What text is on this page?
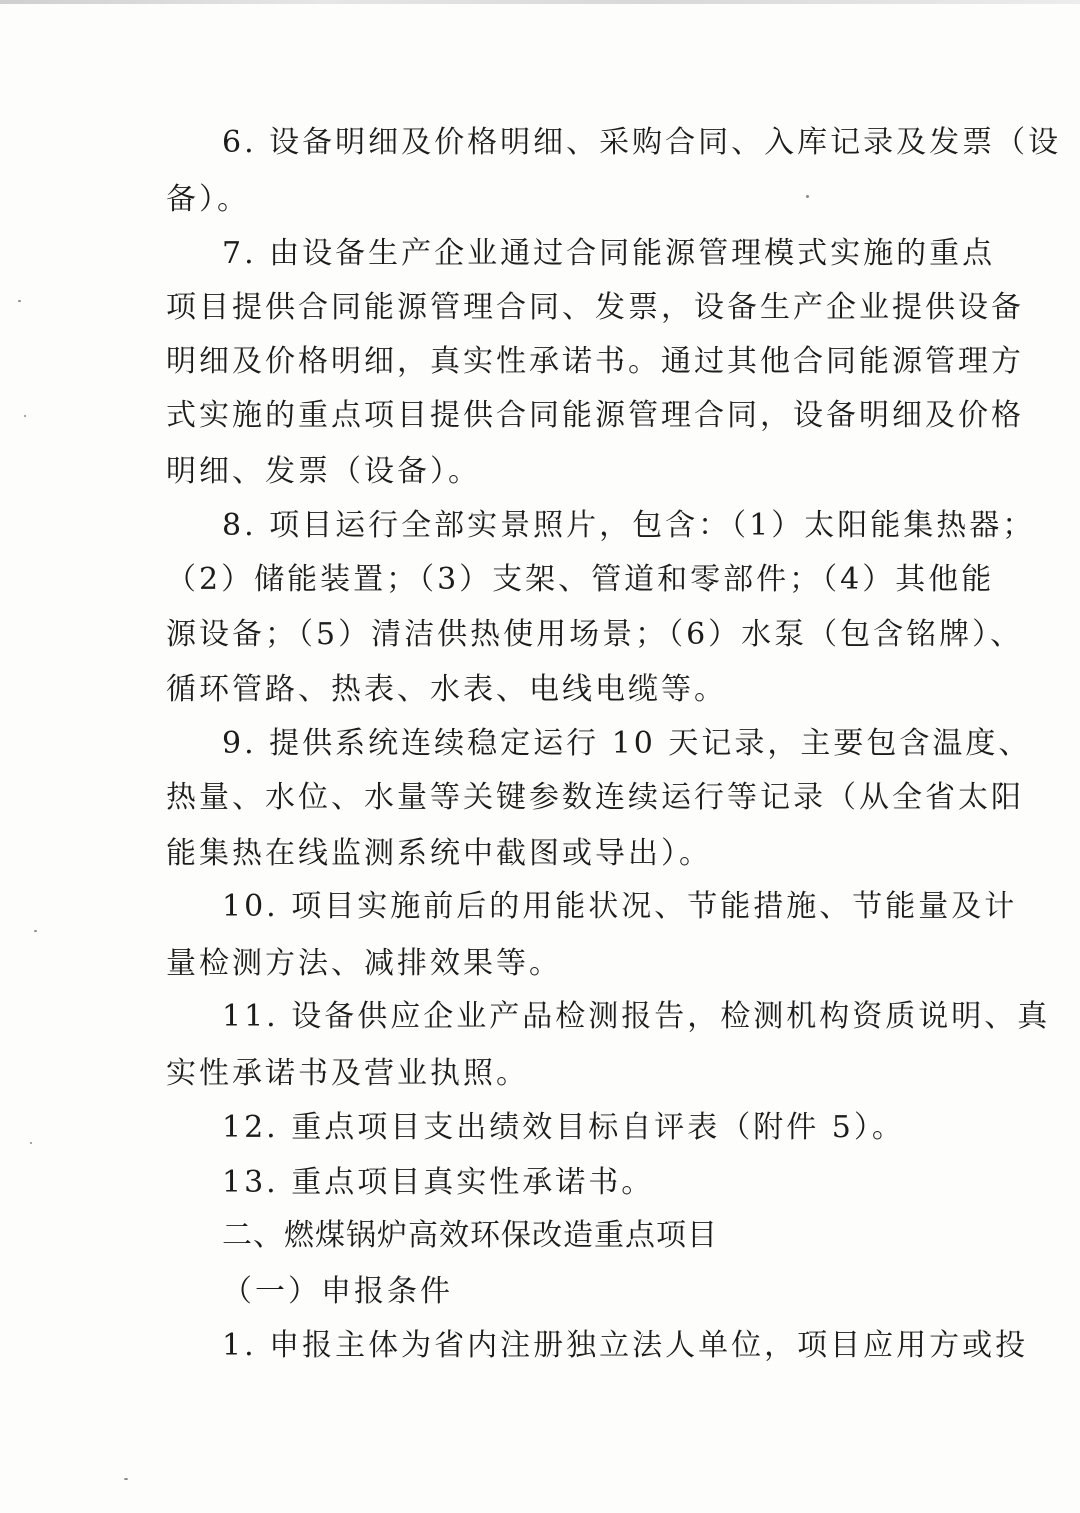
6. 设备明细及价格明细、采购合同、入库记录及发票（设
备）。
7. 由设备生产企业通过合同能源管理模式实施的重点
项目提供合同能源管理合同、发票，设备生产企业提供设备
明细及价格明细，真实性承诺书。通过其他合同能源管理方
式实施的重点项目提供合同能源管理合同，设备明细及价格
明细、发票（设备）。
8. 项目运行全部实景照片，包含：（1）太阳能集热器；
（2）储能装置；（3）支架、管道和零部件；（4）其他能
源设备；（5）清洁供热使用场景；（6）水泵（包含铭牌）、
循环管路、热表、水表、电线电缆等。
9. 提供系统连续稳定运行 10 天记录，主要包含温度、
热量、水位、水量等关键参数连续运行等记录（从全省太阳
能集热在线监测系统中截图或导出）。
10. 项目实施前后的用能状况、节能措施、节能量及计
量检测方法、减排效果等。
11. 设备供应企业产品检测报告，检测机构资质说明、真
实性承诺书及营业执照。
12. 重点项目支出绩效目标自评表（附件 5）。
13. 重点项目真实性承诺书。
二、燃煤锅炉高效环保改造重点项目
（一）申报条件
1. 申报主体为省内注册独立法人单位，项目应用方或投
